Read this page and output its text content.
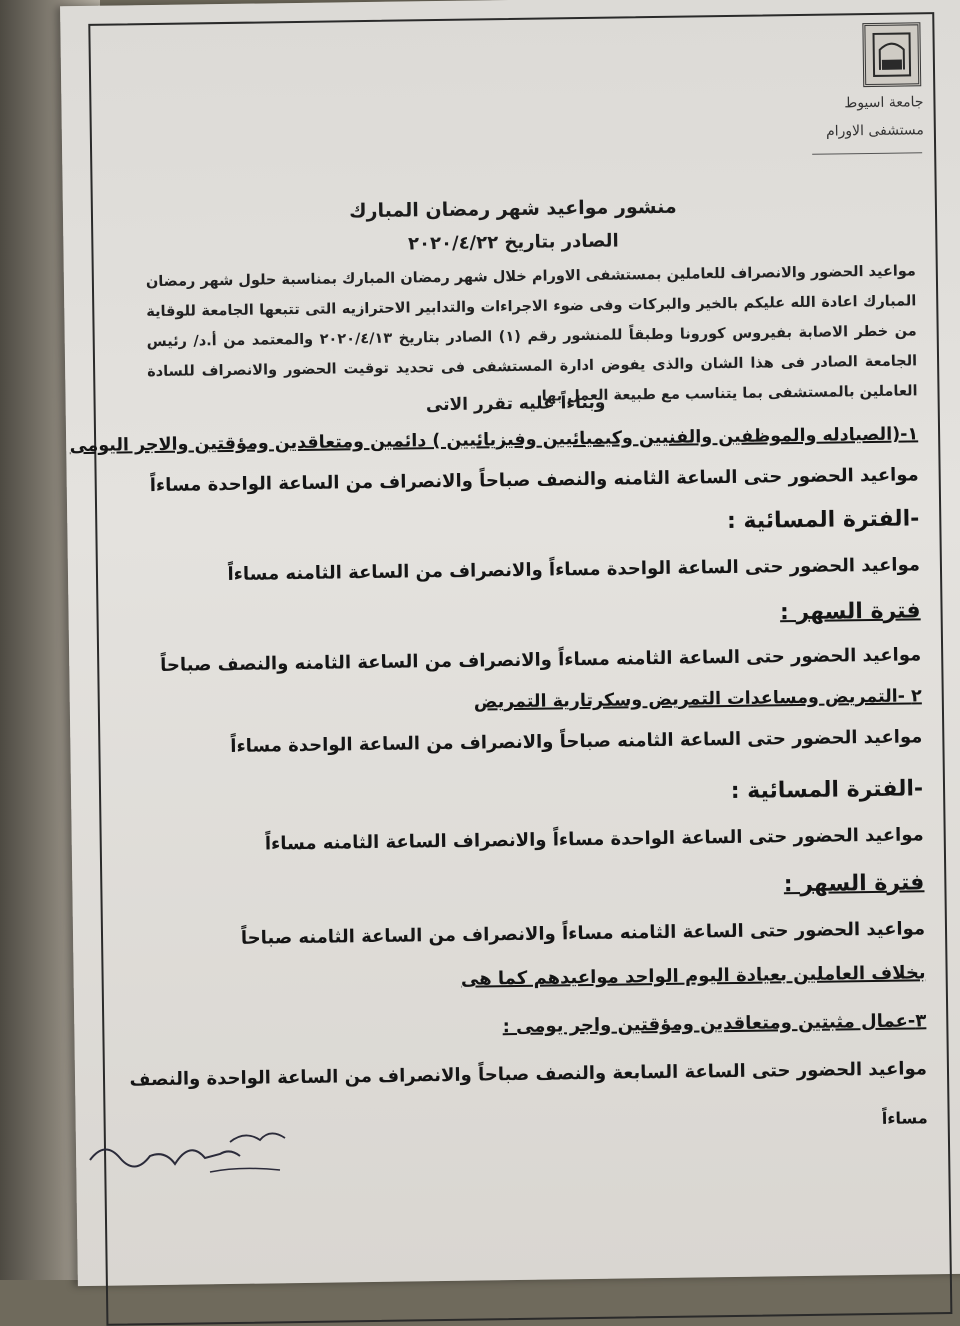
جامعة اسيوط
مستشفى الاورام
منشور مواعيد شهر رمضان المبارك
الصادر بتاريخ ٢٠٢٠/٤/٢٢
مواعيد الحضور والانصراف للعاملين بمستشفى الاورام خلال شهر رمضان المبارك بمناسبة حلول شهر رمضان المبارك اعادة الله عليكم بالخير والبركات وفى ضوء الاجراءات والتدابير الاحترازيه التى تتبعها الجامعة للوقاية من خطر الاصابة بفيروس كورونا وطبقاً للمنشور رقم (١) الصادر بتاريخ ٢٠٢٠/٤/١٣ والمعتمد من أ.د/ رئيس الجامعة الصادر فى هذا الشان والذى يفوض ادارة المستشفى فى تحديد توقيت الحضور والانصراف للسادة العاملين بالمستشفى بما يتناسب مع طبيعة العمل بها
وبناءاً عليه تقرر الاتى
١-(الصيادله والموظفين والفنيين وكيميائيين وفيزيائيين ) دائمين ومتعاقدين ومؤقتين والاجر اليومى
مواعيد الحضور حتى الساعة الثامنه والنصف صباحاً والانصراف من الساعة الواحدة مساءاً
-الفترة المسائية :
مواعيد الحضور حتى الساعة الواحدة مساءاً والانصراف من الساعة الثامنه مساءاً
فترة السهر :
مواعيد الحضور حتى الساعة الثامنه مساءاً والانصراف من الساعة الثامنه والنصف صباحاً
٢ -التمريض ومساعدات التمريض وسكرتارية التمريض
مواعيد الحضور حتى الساعة الثامنه صباحاً والانصراف من الساعة الواحدة مساءاً
-الفترة المسائية :
مواعيد الحضور حتى الساعة الواحدة مساءاً والانصراف الساعة الثامنه مساءاً
فترة السهر :
مواعيد الحضور حتى الساعة الثامنه مساءاً والانصراف من الساعة الثامنه صباحاً
بخلاف العاملين بعيادة اليوم الواحد مواعيدهم كما هى
٣-عمال مثبتين ومتعاقدين ومؤقتين واجر يومى :
مواعيد الحضور حتى الساعة السابعة والنصف صباحاً والانصراف من الساعة الواحدة والنصف
مساءاً
